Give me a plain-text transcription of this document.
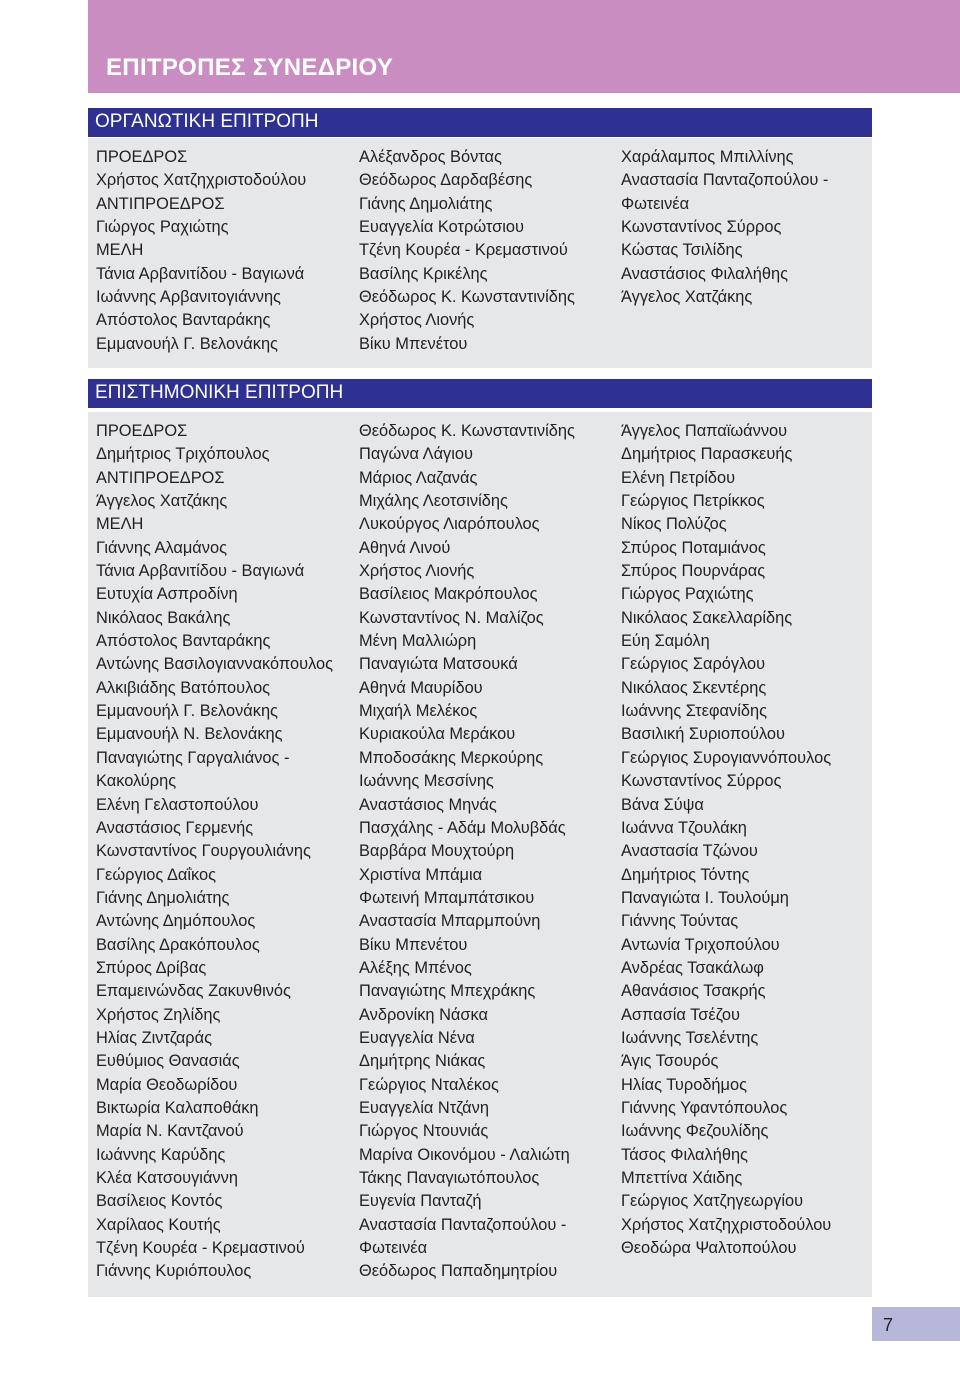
ΕΠΙΤΡΟΠΕΣ ΣΥΝΕΔΡΙΟΥ
ΟΡΓΑΝΩΤΙΚΗ ΕΠΙΤΡΟΠΗ
ΠΡΟΕΔΡΟΣ
Χρήστος Χατζηχριστοδούλου
ΑΝΤΙΠΡΟΕΔΡΟΣ
Γιώργος Ραχιώτης
ΜΕΛΗ
Τάνια Αρβανιτίδου - Βαγιωνά
Ιωάννης Αρβανιτογιάννης
Απόστολος Βανταράκης
Εμμανουήλ Γ. Βελονάκης
Αλέξανδρος Βόντας
Θεόδωρος Δαρδαβέσης
Γιάνης Δημολιάτης
Ευαγγελία Κοτρώτσιου
Τζένη Κουρέα - Κρεμαστινού
Βασίλης Κρικέλης
Θεόδωρος Κ. Κωνσταντινίδης
Χρήστος Λιονής
Βίκυ Μπενέτου
Χαράλαμπος Μπιλλίνης
Αναστασία Πανταζοπούλου -
Φωτεινέα
Κωνσταντίνος Σύρρος
Κώστας Τσιλίδης
Αναστάσιος Φιλαλήθης
Άγγελος Χατζάκης
ΕΠΙΣΤΗΜΟΝΙΚΗ ΕΠΙΤΡΟΠΗ
ΠΡΟΕΔΡΟΣ
Δημήτριος Τριχόπουλος
ΑΝΤΙΠΡΟΕΔΡΟΣ
Άγγελος Χατζάκης
ΜΕΛΗ
Γιάννης Αλαμάνος
Τάνια Αρβανιτίδου - Βαγιωνά
Ευτυχία Ασπροδίνη
Νικόλαος Βακάλης
Απόστολος Βανταράκης
Αντώνης Βασιλογιαννακόπουλος
Αλκιβιάδης Βατόπουλος
Εμμανουήλ Γ. Βελονάκης
Εμμανουήλ Ν. Βελονάκης
Παναγιώτης Γαργαλιάνος -
Κακολύρης
Ελένη Γελαστοπούλου
Αναστάσιος Γερμενής
Κωνσταντίνος Γουργουλιάνης
Γεώργιος Δαΐκος
Γιάνης Δημολιάτης
Αντώνης Δημόπουλος
Βασίλης Δρακόπουλος
Σπύρος Δρίβας
Επαμεινώνδας Ζακυνθινός
Χρήστος Ζηλίδης
Ηλίας Ζιντζαράς
Ευθύμιος Θανασιάς
Μαρία Θεοδωρίδου
Βικτωρία Καλαποθάκη
Μαρία Ν. Καντζανού
Ιωάννης Καρύδης
Κλέα Κατσουγιάννη
Βασίλειος Κοντός
Χαρίλαος Κουτής
Τζένη Κουρέα - Κρεμαστινού
Γιάννης Κυριόπουλος
Θεόδωρος Κ. Κωνσταντινίδης
Παγώνα Λάγιου
Μάριος Λαζανάς
Μιχάλης Λεοτσινίδης
Λυκούργος Λιαρόπουλος
Αθηνά Λινού
Χρήστος Λιονής
Βασίλειος Μακρόπουλος
Κωνσταντίνος Ν. Μαλίζος
Μένη Μαλλιώρη
Παναγιώτα Ματσουκά
Αθηνά Μαυρίδου
Μιχαήλ Μελέκος
Κυριακούλα Μεράκου
Μποδοσάκης Μερκούρης
Ιωάννης Μεσσίνης
Αναστάσιος Μηνάς
Πασχάλης - Αδάμ Μολυβδάς
Βαρβάρα Μουχτούρη
Χριστίνα Μπάμια
Φωτεινή Μπαμπάτσικου
Αναστασία Μπαρμπούνη
Βίκυ Μπενέτου
Αλέξης Μπένος
Παναγιώτης Μπεχράκης
Ανδρονίκη Νάσκα
Ευαγγελία Νένα
Δημήτρης Νιάκας
Γεώργιος Νταλέκος
Ευαγγελία Ντζάνη
Γιώργος Ντουνιάς
Μαρίνα Οικονόμου - Λαλιώτη
Τάκης Παναγιωτόπουλος
Ευγενία Πανταζή
Αναστασία Πανταζοπούλου -
Φωτεινέα
Θεόδωρος Παπαδημητρίου
Άγγελος Παπαϊωάννου
Δημήτριος Παρασκευής
Ελένη Πετρίδου
Γεώργιος Πετρίκκος
Νίκος Πολύζος
Σπύρος Ποταμιάνος
Σπύρος Πουρνάρας
Γιώργος Ραχιώτης
Νικόλαος Σακελλαρίδης
Εύη Σαμόλη
Γεώργιος Σαρόγλου
Νικόλαος Σκεντέρης
Ιωάννης Στεφανίδης
Βασιλική Συριοπούλου
Γεώργιος Συρογιαννόπουλος
Κωνσταντίνος Σύρρος
Βάνα Σύψα
Ιωάννα Τζουλάκη
Αναστασία Τζώνου
Δημήτριος Τόντης
Παναγιώτα Ι. Τουλούμη
Γιάννης Τούντας
Αντωνία Τριχοπούλου
Ανδρέας Τσακάλωφ
Αθανάσιος Τσακρής
Ασπασία Τσέζου
Ιωάννης Τσελέντης
Άγις Τσουρός
Ηλίας Τυροδήμος
Γιάννης Υφαντόπουλος
Ιωάννης Φεζουλίδης
Τάσος Φιλαλήθης
Μπεττίνα Χάιδης
Γεώργιος Χατζηγεωργίου
Χρήστος Χατζηχριστοδούλου
Θεοδώρα Ψαλτοπούλου
7
